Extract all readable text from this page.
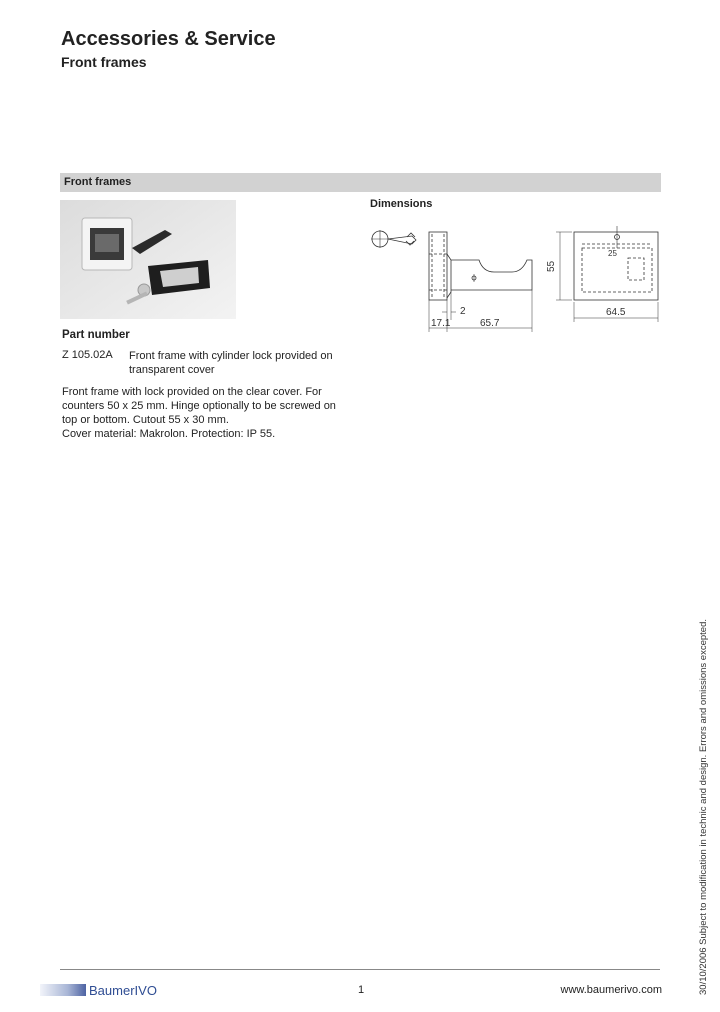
Accessories & Service
Front frames
Front frames
Dimensions
17.1
2
65.7
55
64.5
25
Part number
Z 105.02A Front frame with cylinder lock provided on transparent cover
Front frame with lock provided on the clear cover. For counters 50 x 25 mm. Hinge optionally to be screwed on top or bottom. Cutout 55 x 30 mm.
Cover material: Makrolon. Protection: IP 55.
30/10/2006 Subject to modification in technic and design. Errors and omissions excepted.
Baumer IVO	1	www.baumerivo.com
